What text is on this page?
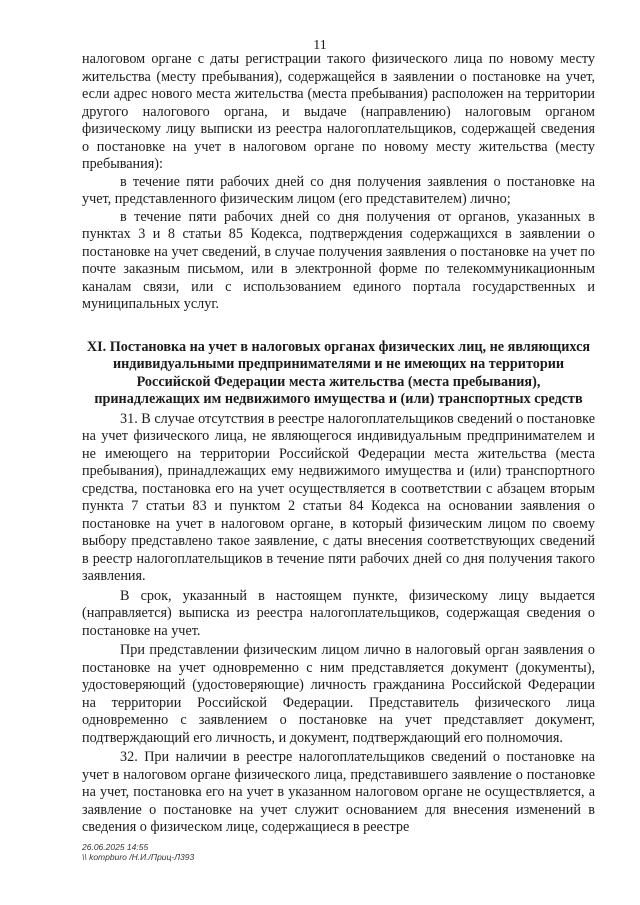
11

налоговом органе с даты регистрации такого физического лица по новому месту жительства (месту пребывания), содержащейся в заявлении о постановке на учет, если адрес нового места жительства (места пребывания) расположен на территории другого налогового органа, и выдаче (направлению) налоговым органом физическому лицу выписки из реестра налогоплательщиков, содержащей сведения о постановке на учет в налоговом органе по новому месту жительства (месту пребывания):

в течение пяти рабочих дней со дня получения заявления о постановке на учет, представленного физическим лицом (его представителем) лично;

в течение пяти рабочих дней со дня получения от органов, указанных в пунктах 3 и 8 статьи 85 Кодекса, подтверждения содержащихся в заявлении о постановке на учет сведений, в случае получения заявления о постановке на учет по почте заказным письмом, или в электронной форме по телекоммуникационным каналам связи, или с использованием единого портала государственных и муниципальных услуг.

XI. Постановка на учет в налоговых органах физических лиц, не являющихся индивидуальными предпринимателями и не имеющих на территории Российской Федерации места жительства (места пребывания), принадлежащих им недвижимого имущества и (или) транспортных средств

31. В случае отсутствия в реестре налогоплательщиков сведений о постановке на учет физического лица, не являющегося индивидуальным предпринимателем и не имеющего на территории Российской Федерации места жительства (места пребывания), принадлежащих ему недвижимого имущества и (или) транспортного средства, постановка его на учет осуществляется в соответствии с абзацем вторым пункта 7 статьи 83 и пунктом 2 статьи 84 Кодекса на основании заявления о постановке на учет в налоговом органе, в который физическим лицом по своему выбору представлено такое заявление, с даты внесения соответствующих сведений в реестр налогоплательщиков в течение пяти рабочих дней со дня получения такого заявления.

В срок, указанный в настоящем пункте, физическому лицу выдается (направляется) выписка из реестра налогоплательщиков, содержащая сведения о постановке на учет.

При представлении физическим лицом лично в налоговый орган заявления о постановке на учет одновременно с ним представляется документ (документы), удостоверяющий (удостоверяющие) личность гражданина Российской Федерации на территории Российской Федерации. Представитель физического лица одновременно с заявлением о постановке на учет представляет документ, подтверждающий его личность, и документ, подтверждающий его полномочия.

32. При наличии в реестре налогоплательщиков сведений о постановке на учет в налоговом органе физического лица, представившего заявление о постановке на учет, постановка его на учет в указанном налоговом органе не осуществляется, а заявление о постановке на учет служит основанием для внесения изменений в сведения о физическом лице, содержащиеся в реестре

26.06.2025 14:55
\\ kompburo /Н.И./Приц-Л393
